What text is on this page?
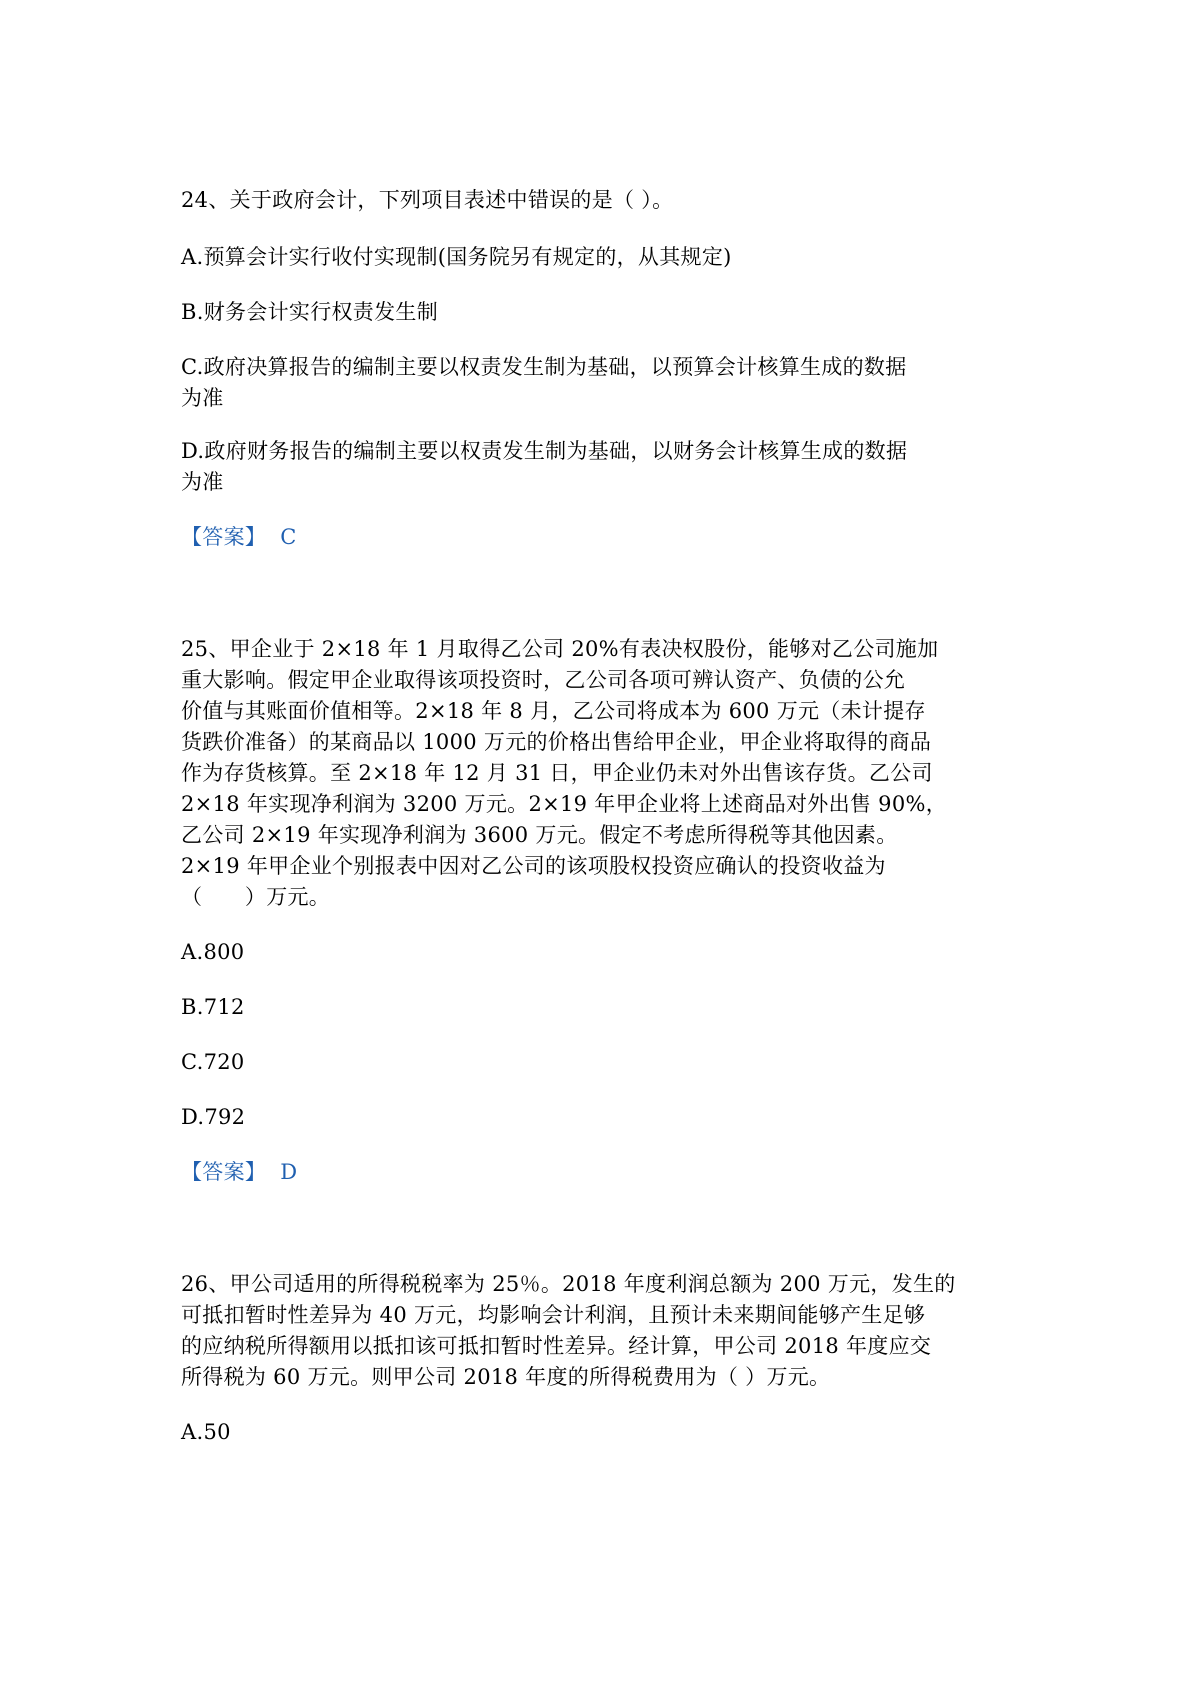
24、关于政府会计，下列项目表述中错误的是（ ）。
A.预算会计实行收付实现制(国务院另有规定的，从其规定)
B.财务会计实行权责发生制
C.政府决算报告的编制主要以权责发生制为基础，以预算会计核算生成的数据
为准
D.政府财务报告的编制主要以权责发生制为基础，以财务会计核算生成的数据
为准
【答案】 C
25、甲企业于 2×18 年 1 月取得乙公司 20%有表决权股份，能够对乙公司施加
重大影响。假定甲企业取得该项投资时，乙公司各项可辨认资产、负债的公允
价值与其账面价值相等。2×18 年 8 月，乙公司将成本为 600 万元（未计提存
货跌价准备）的某商品以 1000 万元的价格出售给甲企业，甲企业将取得的商品
作为存货核算。至 2×18 年 12 月 31 日，甲企业仍未对外出售该存货。乙公司
2×18 年实现净利润为 3200 万元。2×19 年甲企业将上述商品对外出售 90%，
乙公司 2×19 年实现净利润为 3600 万元。假定不考虑所得税等其他因素。
2×19 年甲企业个别报表中因对乙公司的该项股权投资应确认的投资收益为
（　　）万元。
A.800
B.712
C.720
D.792
【答案】 D
26、甲公司适用的所得税税率为 25％。2018 年度利润总额为 200 万元，发生的
可抵扣暂时性差异为 40 万元，均影响会计利润，且预计未来期间能够产生足够
的应纳税所得额用以抵扣该可抵扣暂时性差异。经计算，甲公司 2018 年度应交
所得税为 60 万元。则甲公司 2018 年度的所得税费用为（ ）万元。
A.50
